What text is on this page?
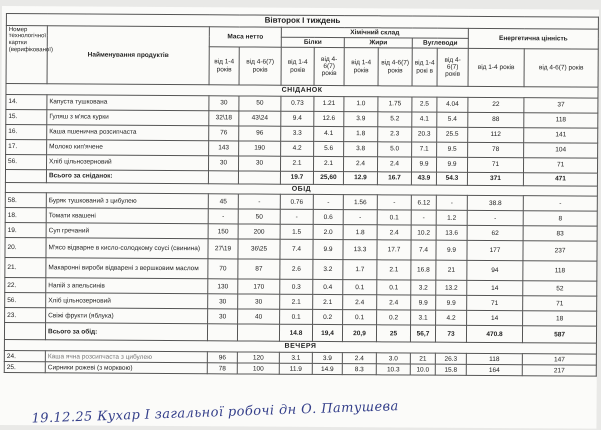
Вівторок І тиждень											
Номер технологічної картки (верифікованої)	Найменування продуктів	Маса нетто		Хімічний склад						Енергетична цінність	
				Білки		Жири		Вуглеводи			
		від 1-4 років	від 4-6(7) років	від 1-4 років	від 4-6(7) років	від 1-4 років	від 4-6(7) років	від 1-4 рокі в	від 4-6(7) років	від 1-4 років	від 4-6(7) років
СНІДАНОК											
14.	Капуста тушкована	30	50	0.73	1.21	1.0	1.75	2.5	4.04	22	37
15.	Гуляш з м'яса курки	32\18	43\24	9.4	12.6	3.9	5.2	4.1	5.4	88	118
16.	Каша пшенична розсипчаста	76	96	3.3	4.1	1.8	2.3	20.3	25.5	112	141
17.	Молоко кип'ячене	143	190	4.2	5.6	3.8	5.0	7.1	9.5	78	104
56.	Хліб цільнозерновий	30	30	2.1	2.1	2.4	2.4	9.9	9.9	71	71
	Всього за сніданок:			19.7	25,60	12.9	16.7	43.9	54.3	371	471
ОБІД											
58.	Буряк тушкований з цибулею	45	-	0.76	-	1.56	-	6.12	-	38.8	-
18.	Томати квашені	-	50	-	0.6	-	0.1	-	1.2	-	8
19.	Суп гречаний	150	200	1.5	2.0	1.8	2.4	10.2	13.6	62	83
20.	М'ясо відварне в кисло-солодкому соусі (свинина)	27\19	36\25	7.4	9.9	13.3	17.7	7.4	9.9	177	237
21.	Макаронні вироби відварені з вершковим маслом	70	87	2.6	3.2	1.7	2.1	16.8	21	94	118
22.	Напій з апельсинів	130	170	0.3	0.4	0.1	0.1	3.2	13.2	14	52
56.	Хліб цільнозерновий	30	30	2.1	2.1	2.4	2.4	9.9	9.9	71	71
23.	Свіжі фрукти (яблука)	30	40	0.1	0.2	0.1	0.2	3.1	4.2	14	18
	Всього за обід:			14.8	19,4	20,9	25	56,7	73	470.8	587
ВЕЧЕРЯ											
24.	Каша ячна розсипчаста з цибулею	96	120	3.1	3.9	2.4	3.0	21	26.3	118	147
25.	Сирники рожеві (з морквою)	78	100	11.9	14.9	8.3	10.3	10.0	15.8	164	217
19.12.25 Кухар І загальної робочі дн О. Патушева
